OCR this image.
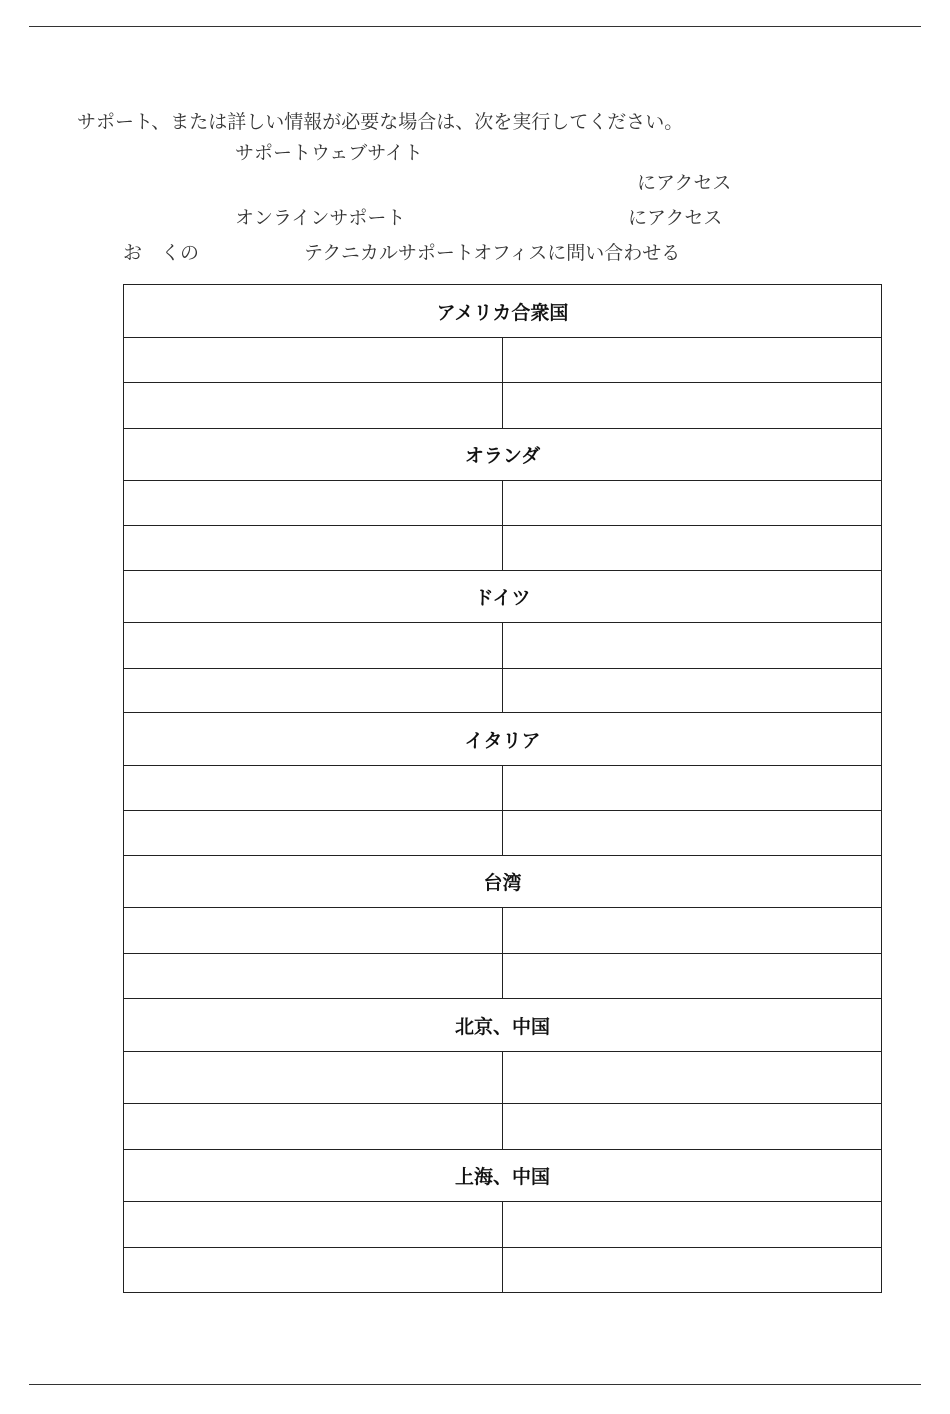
サポート、または詳しい情報が必要な場合は、次を実行してください。
サポートウェブサイト
にアクセス
オンラインサポート	にアクセス
お　くの	テクニカルサポートオフィスに問い合わせる
アメリカ合衆国	

オランダ	

ドイツ	

イタリア	

台湾	

北京、中国	

上海、中国	
